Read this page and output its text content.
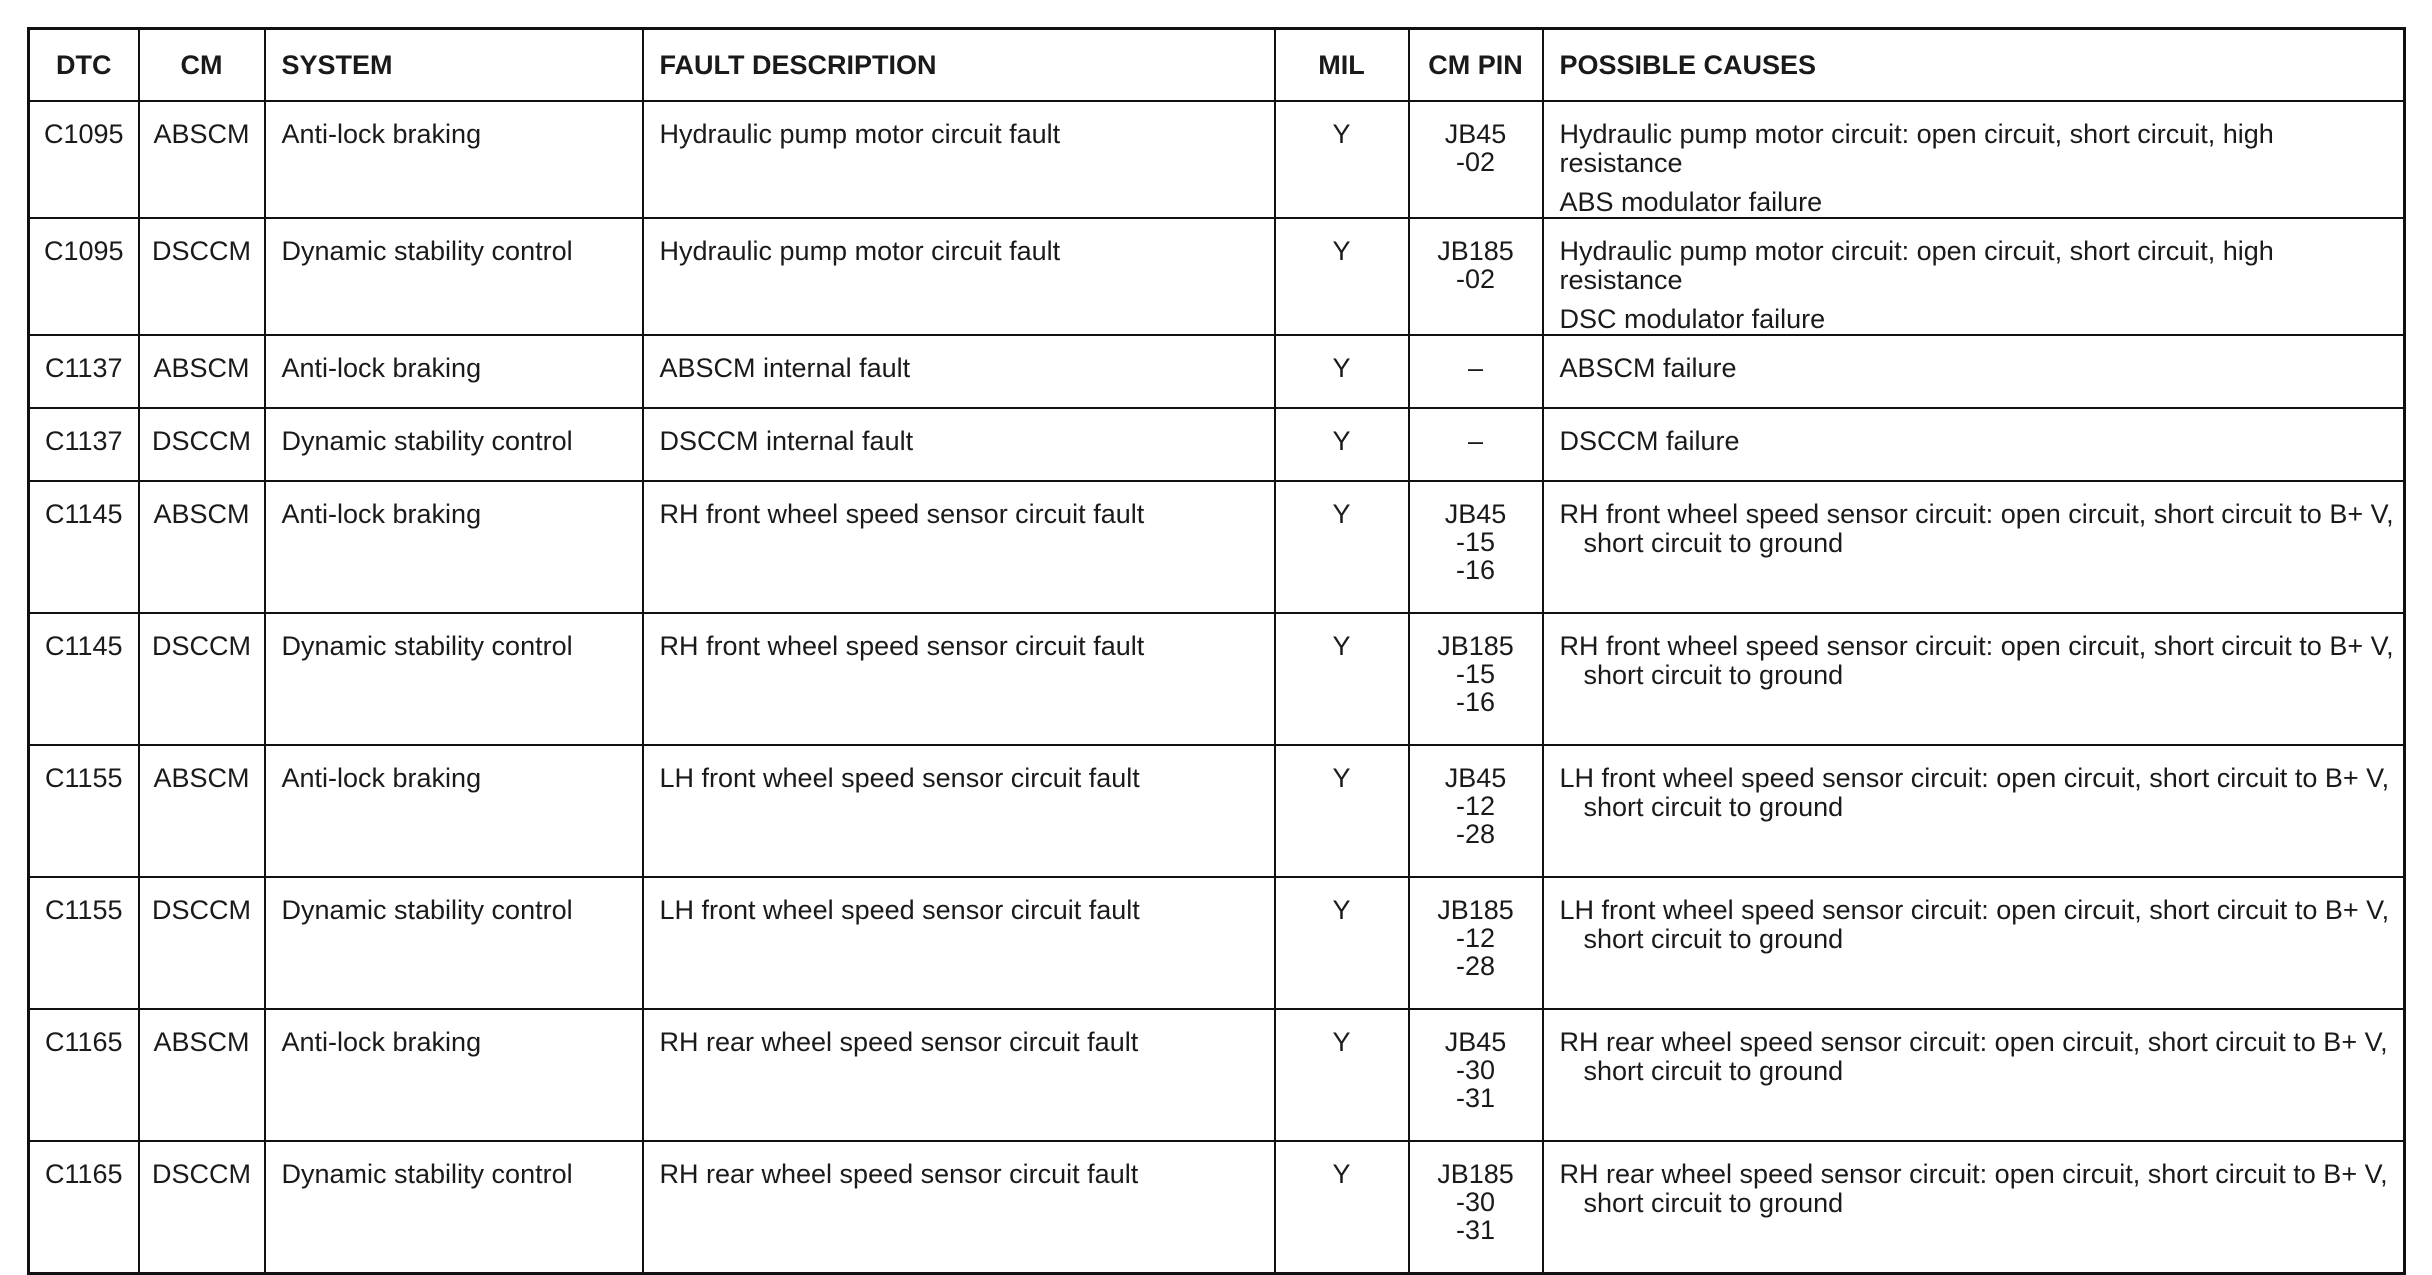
DTC	CM	SYSTEM	FAULT DESCRIPTION	MIL	CM PIN	POSSIBLE CAUSES
C1095	ABSCM	Anti-lock braking	Hydraulic pump motor circuit fault	Y	JB45
-02	Hydraulic pump motor circuit: open circuit, short circuit, high resistance
ABS modulator failure

C1095	DSCCM	Dynamic stability control	Hydraulic pump motor circuit fault	Y	JB185
-02	Hydraulic pump motor circuit: open circuit, short circuit, high resistance
DSC modulator failure

C1137	ABSCM	Anti-lock braking	ABSCM internal fault	Y	–	ABSCM failure

C1137	DSCCM	Dynamic stability control	DSCCM internal fault	Y	–	DSCCM failure

C1145	ABSCM	Anti-lock braking	RH front wheel speed sensor circuit fault	Y	JB45
-15
-16	RH front wheel speed sensor circuit: open circuit, short circuit to B+ V,
short circuit to ground

C1145	DSCCM	Dynamic stability control	RH front wheel speed sensor circuit fault	Y	JB185
-15
-16	RH front wheel speed sensor circuit: open circuit, short circuit to B+ V,
short circuit to ground

C1155	ABSCM	Anti-lock braking	LH front wheel speed sensor circuit fault	Y	JB45
-12
-28	LH front wheel speed sensor circuit: open circuit, short circuit to B+ V,
short circuit to ground

C1155	DSCCM	Dynamic stability control	LH front wheel speed sensor circuit fault	Y	JB185
-12
-28	LH front wheel speed sensor circuit: open circuit, short circuit to B+ V,
short circuit to ground

C1165	ABSCM	Anti-lock braking	RH rear wheel speed sensor circuit fault	Y	JB45
-30
-31	RH rear wheel speed sensor circuit: open circuit, short circuit to B+ V,
short circuit to ground

C1165	DSCCM	Dynamic stability control	RH rear wheel speed sensor circuit fault	Y	JB185
-30
-31	RH rear wheel speed sensor circuit: open circuit, short circuit to B+ V,
short circuit to ground
